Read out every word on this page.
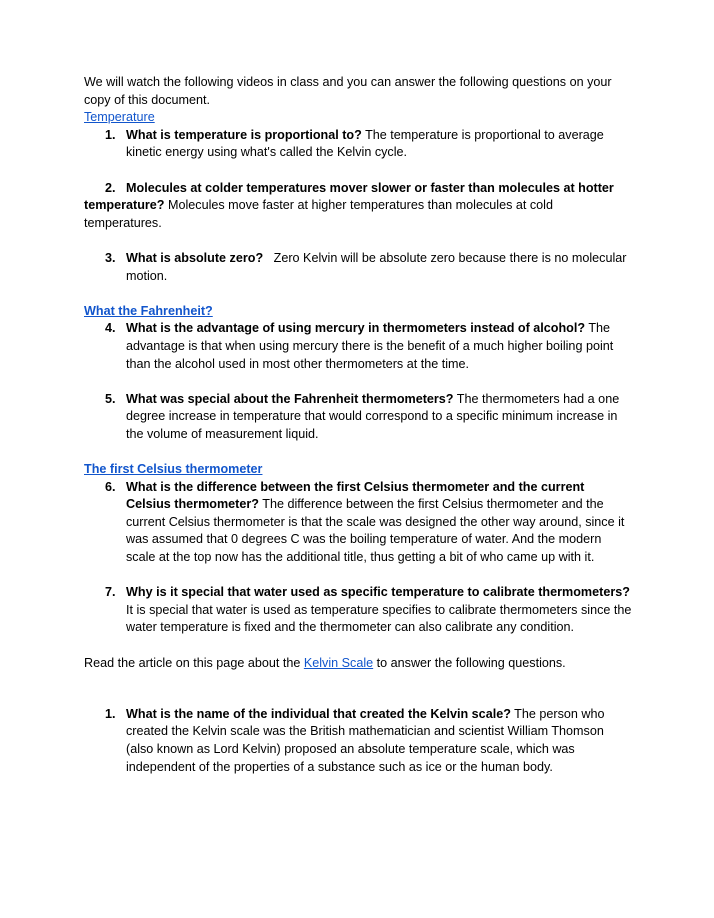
We will watch the following videos in class and you can answer the following questions on your copy of this document.

Temperature
1. What is temperature is proportional to? The temperature is proportional to average kinetic energy using what's called the Kelvin cycle.

2. Molecules at colder temperatures mover slower or faster than molecules at hotter temperature? Molecules move faster at higher temperatures than molecules at cold temperatures.

3. What is absolute zero?   Zero Kelvin will be absolute zero because there is no molecular motion.
What the Fahrenheit?
4. What is the advantage of using mercury in thermometers instead of alcohol? The advantage is that when using mercury there is the benefit of a much higher boiling point than the alcohol used in most other thermometers at the time.
5. What was special about the Fahrenheit thermometers? The thermometers had a one degree increase in temperature that would correspond to a specific minimum increase in the volume of measurement liquid.
The first Celsius thermometer
6. What is the difference between the first Celsius thermometer and the current Celsius thermometer? The difference between the first Celsius thermometer and the current Celsius thermometer is that the scale was designed the other way around, since it was assumed that 0 degrees C was the boiling temperature of water. And the modern scale at the top now has the additional title, thus getting a bit of who came up with it.
7. Why is it special that water used as specific temperature to calibrate thermometers? It is special that water is used as temperature specifies to calibrate thermometers since the water temperature is fixed and the thermometer can also calibrate any condition.

Read the article on this page about the Kelvin Scale to answer the following questions.

1. What is the name of the individual that created the Kelvin scale? The person who created the Kelvin scale was the British mathematician and scientist William Thomson (also known as Lord Kelvin) proposed an absolute temperature scale, which was independent of the properties of a substance such as ice or the human body.
